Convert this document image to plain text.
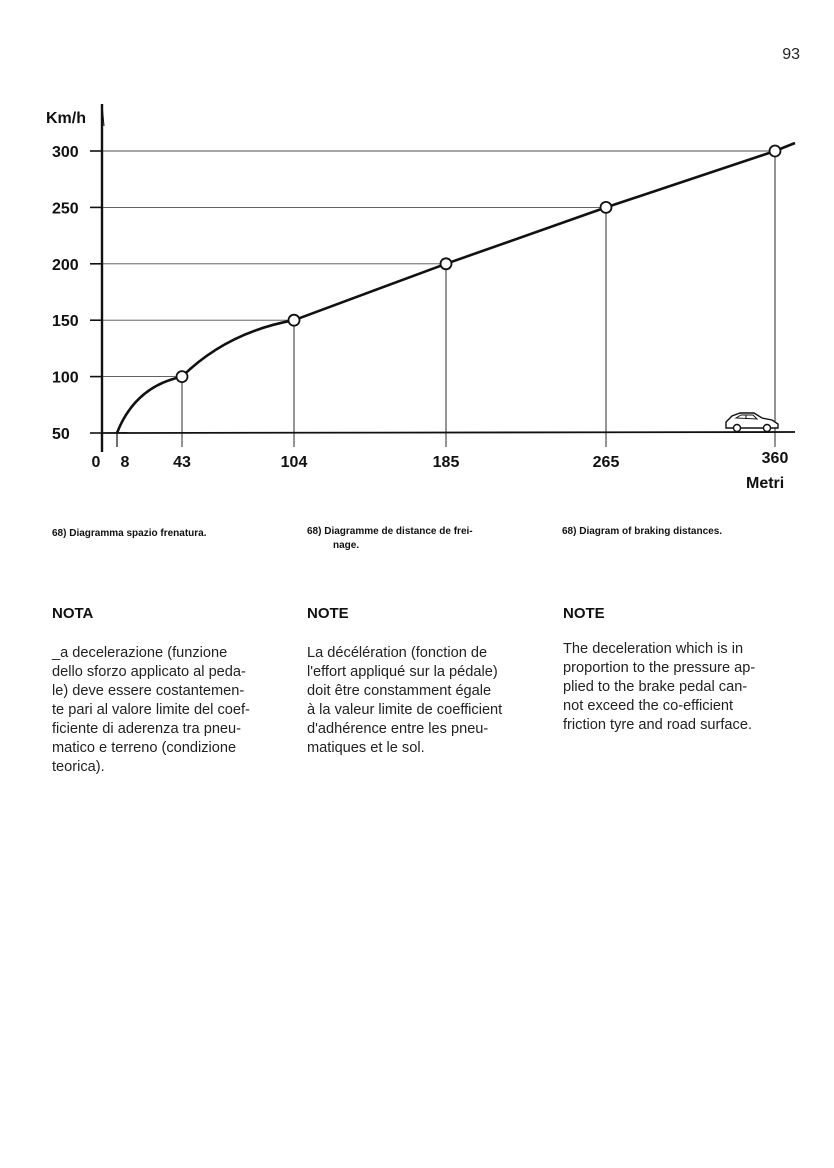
93
50
100
150
200
250
300
0 8	43	104	185	265	360
Km/h
Metri
68) Diagramma spazio frenatura.	68) Diagramme de distance de frei-
nage.
68) Diagram of braking distances.
NOTA	NOTE	NOTE
_a decelerazione (funzione
dello sforzo applicato al peda-
le) deve essere costantemen-
te pari al valore limite del coef-
ficiente di aderenza tra pneu-
matico e terreno (condizione
teorica).
La décélération (fonction de
l'effort appliqué sur la pédale)
doit être constamment égale
à la valeur limite de coefficient
d'adhérence entre les pneu-
matiques et le sol.
The deceleration which is in
proportion to the pressure ap-
plied to the brake pedal can-
not exceed the co-efficient
friction tyre and road surface.
